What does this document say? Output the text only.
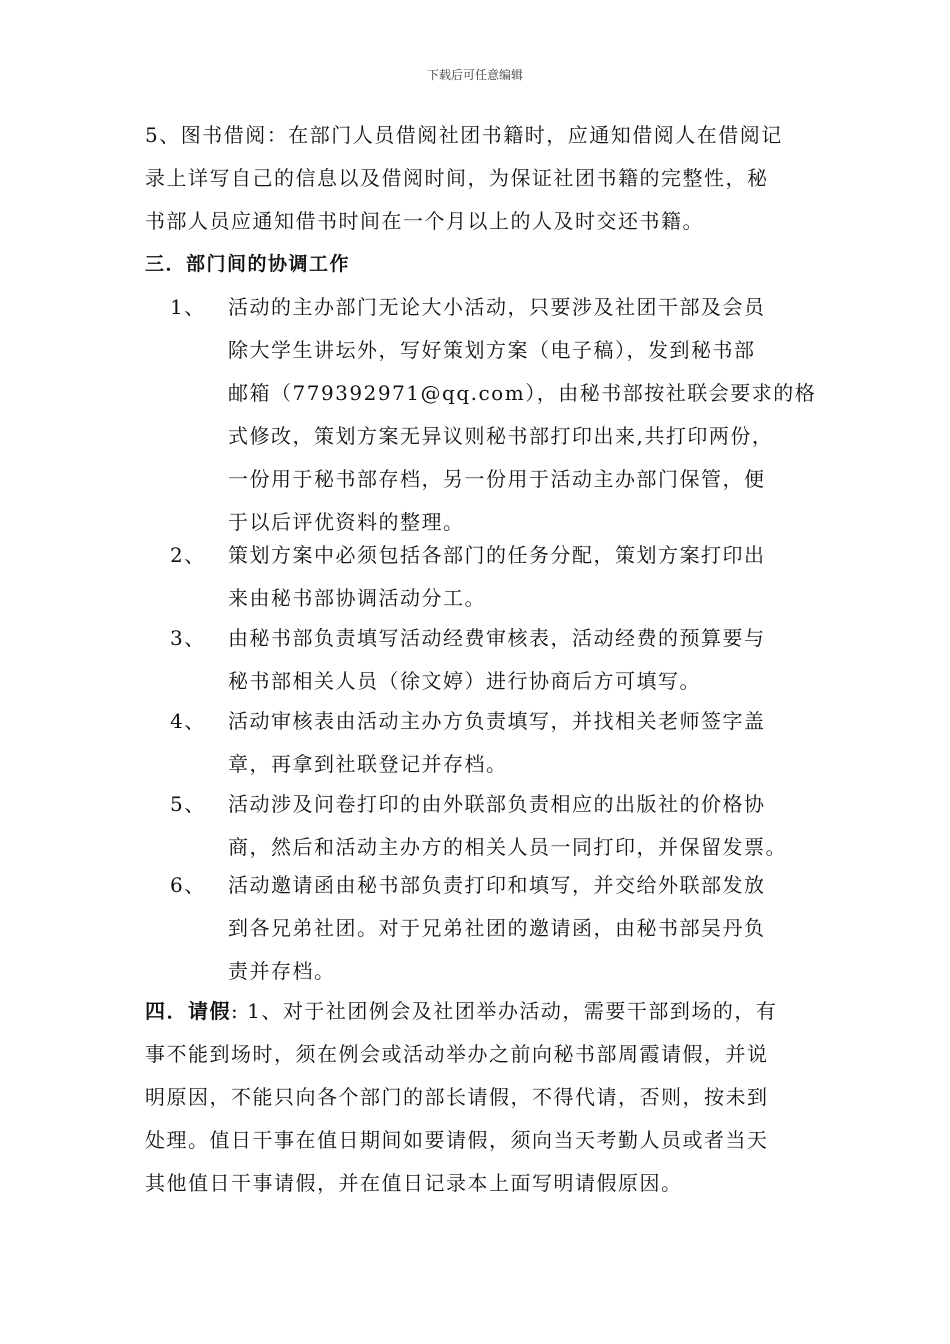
下载后可任意编辑
5、图书借阅：在部门人员借阅社团书籍时，应通知借阅人在借阅记
录上详写自己的信息以及借阅时间，为保证社团书籍的完整性，秘
书部人员应通知借书时间在一个月以上的人及时交还书籍。
三．部门间的协调工作
1、	活动的主办部门无论大小活动，只要涉及社团干部及会员
除大学生讲坛外，写好策划方案（电子稿），发到秘书部
邮箱（779392971@qq.com），由秘书部按社联会要求的格
式修改，策划方案无异议则秘书部打印出来,共打印两份，
一份用于秘书部存档，另一份用于活动主办部门保管，便
于以后评优资料的整理。
2、	策划方案中必须包括各部门的任务分配，策划方案打印出
来由秘书部协调活动分工。
3、	由秘书部负责填写活动经费审核表，活动经费的预算要与
秘书部相关人员（徐文婷）进行协商后方可填写。
4、	活动审核表由活动主办方负责填写，并找相关老师签字盖
章，再拿到社联登记并存档。
5、	活动涉及问卷打印的由外联部负责相应的出版社的价格协
商，然后和活动主办方的相关人员一同打印，并保留发票。
6、	活动邀请函由秘书部负责打印和填写，并交给外联部发放
到各兄弟社团。对于兄弟社团的邀请函，由秘书部吴丹负
责并存档。
四．请假: 1、对于社团例会及社团举办活动，需要干部到场的，有
事不能到场时，须在例会或活动举办之前向秘书部周霞请假，并说
明原因，不能只向各个部门的部长请假，不得代请，否则，按未到
处理。值日干事在值日期间如要请假，须向当天考勤人员或者当天
其他值日干事请假，并在值日记录本上面写明请假原因。
